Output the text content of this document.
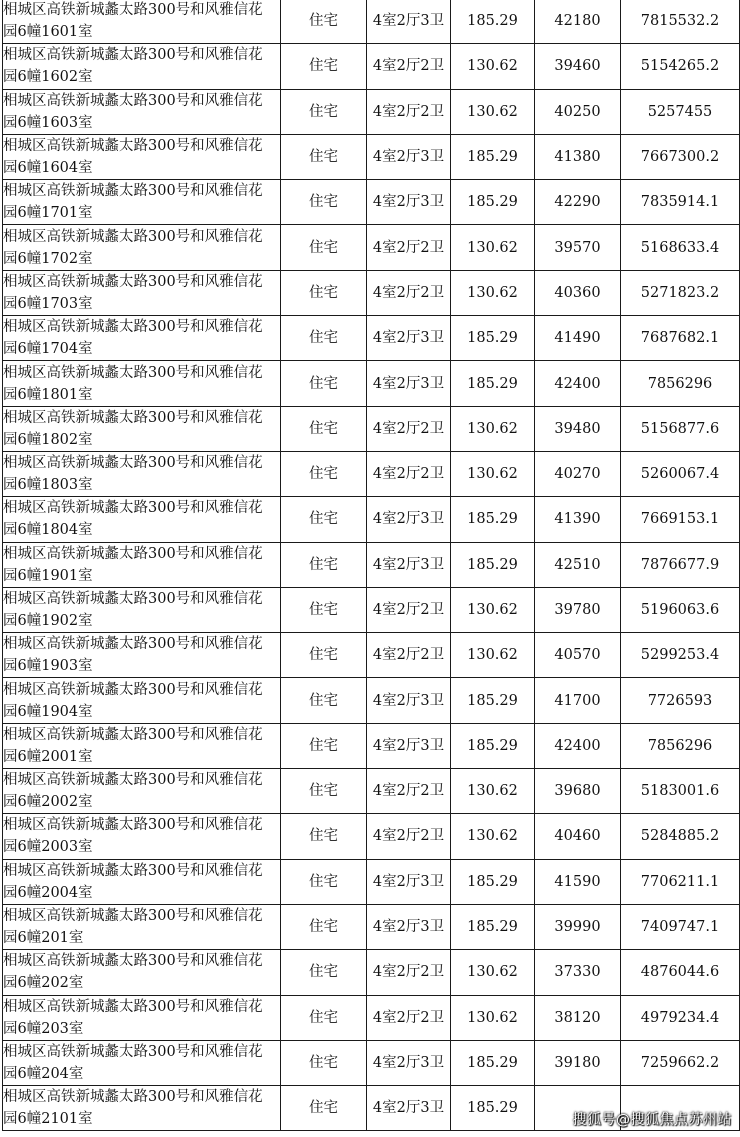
相城区高铁新城蠡太路300号和风雅信花
园6幢1601室	住宅	4室2厅3卫	185.29	42180	7815532.2

相城区高铁新城蠡太路300号和风雅信花
园6幢1602室	住宅	4室2厅2卫	130.62	39460	5154265.2

相城区高铁新城蠡太路300号和风雅信花
园6幢1603室	住宅	4室2厅2卫	130.62	40250	5257455

相城区高铁新城蠡太路300号和风雅信花
园6幢1604室	住宅	4室2厅3卫	185.29	41380	7667300.2

相城区高铁新城蠡太路300号和风雅信花
园6幢1701室	住宅	4室2厅3卫	185.29	42290	7835914.1

相城区高铁新城蠡太路300号和风雅信花
园6幢1702室	住宅	4室2厅2卫	130.62	39570	5168633.4

相城区高铁新城蠡太路300号和风雅信花
园6幢1703室	住宅	4室2厅2卫	130.62	40360	5271823.2

相城区高铁新城蠡太路300号和风雅信花
园6幢1704室	住宅	4室2厅3卫	185.29	41490	7687682.1

相城区高铁新城蠡太路300号和风雅信花
园6幢1801室	住宅	4室2厅3卫	185.29	42400	7856296

相城区高铁新城蠡太路300号和风雅信花
园6幢1802室	住宅	4室2厅2卫	130.62	39480	5156877.6

相城区高铁新城蠡太路300号和风雅信花
园6幢1803室	住宅	4室2厅2卫	130.62	40270	5260067.4

相城区高铁新城蠡太路300号和风雅信花
园6幢1804室	住宅	4室2厅3卫	185.29	41390	7669153.1

相城区高铁新城蠡太路300号和风雅信花
园6幢1901室	住宅	4室2厅3卫	185.29	42510	7876677.9

相城区高铁新城蠡太路300号和风雅信花
园6幢1902室	住宅	4室2厅2卫	130.62	39780	5196063.6

相城区高铁新城蠡太路300号和风雅信花
园6幢1903室	住宅	4室2厅2卫	130.62	40570	5299253.4

相城区高铁新城蠡太路300号和风雅信花
园6幢1904室	住宅	4室2厅3卫	185.29	41700	7726593

相城区高铁新城蠡太路300号和风雅信花
园6幢2001室	住宅	4室2厅3卫	185.29	42400	7856296

相城区高铁新城蠡太路300号和风雅信花
园6幢2002室	住宅	4室2厅2卫	130.62	39680	5183001.6

相城区高铁新城蠡太路300号和风雅信花
园6幢2003室	住宅	4室2厅2卫	130.62	40460	5284885.2

相城区高铁新城蠡太路300号和风雅信花
园6幢2004室	住宅	4室2厅3卫	185.29	41590	7706211.1

相城区高铁新城蠡太路300号和风雅信花
园6幢201室	住宅	4室2厅3卫	185.29	39990	7409747.1

相城区高铁新城蠡太路300号和风雅信花
园6幢202室	住宅	4室2厅2卫	130.62	37330	4876044.6

相城区高铁新城蠡太路300号和风雅信花
园6幢203室	住宅	4室2厅2卫	130.62	38120	4979234.4

相城区高铁新城蠡太路300号和风雅信花
园6幢204室	住宅	4室2厅3卫	185.29	39180	7259662.2

相城区高铁新城蠡太路300号和风雅信花
园6幢2101室	住宅	4室2厅3卫	185.29		
搜狐号@搜狐焦点苏州站
